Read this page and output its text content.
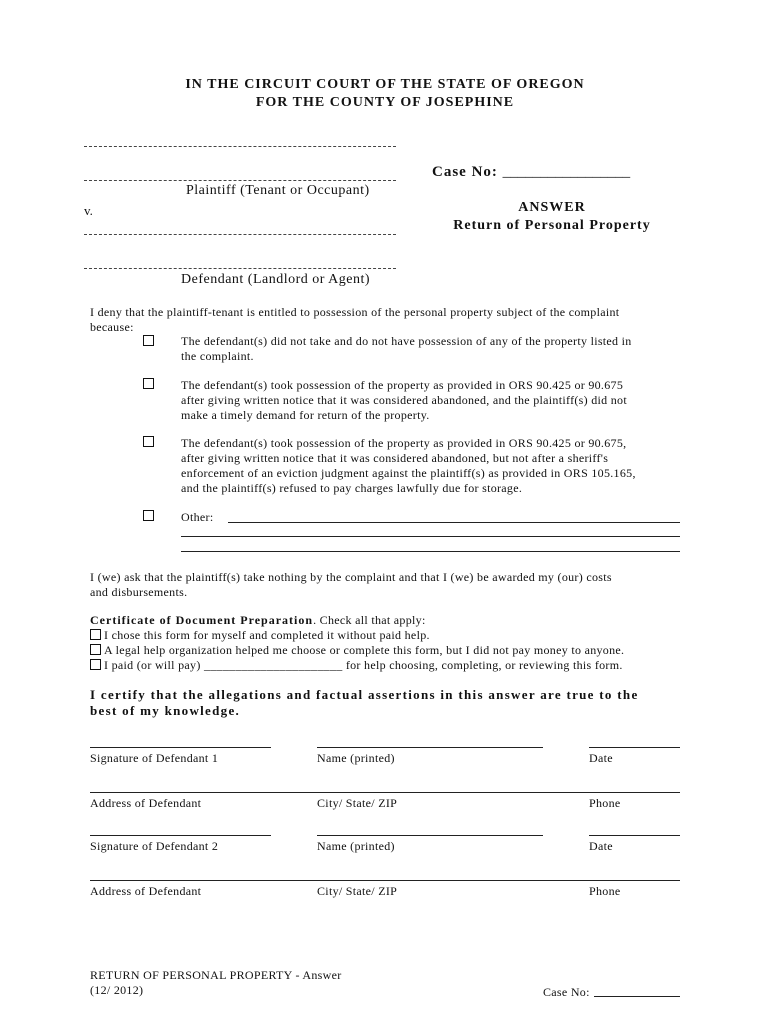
IN THE CIRCUIT COURT OF THE STATE OF OREGON
FOR THE COUNTY OF JOSEPHINE
Plaintiff (Tenant or Occupant)
v.
Defendant (Landlord or Agent)
Case No: _________________
ANSWER
Return of Personal Property
I deny that the plaintiff-tenant is entitled to possession of the personal property subject of the complaint
because:
The defendant(s) did not take and do not have possession of any of the property listed in
the complaint.
The defendant(s) took possession of the property as provided in ORS 90.425 or 90.675
after giving written notice that it was considered abandoned, and the plaintiff(s) did not
make a timely demand for return of the property.
The defendant(s) took possession of the property as provided in ORS 90.425 or 90.675,
after giving written notice that it was considered abandoned, but not after a sheriff's
enforcement of an eviction judgment against the plaintiff(s) as provided in ORS 105.165,
and the plaintiff(s) refused to pay charges lawfully due for storage.
Other:
I (we) ask that the plaintiff(s) take nothing by the complaint and that I (we) be awarded my (our) costs
and disbursements.
Certificate of Document Preparation. Check all that apply:
I chose this form for myself and completed it without paid help.
A legal help organization helped me choose or complete this form, but I did not pay money to anyone.
I paid (or will pay) ______________________ for help choosing, completing, or reviewing this form.
I certify that the allegations and factual assertions in this answer are true to the
best of my knowledge.
Signature of Defendant 1	Name (printed)	Date
Address of Defendant	City/ State/ ZIP	Phone
Signature of Defendant 2	Name (printed)	Date
Address of Defendant	City/ State/ ZIP	Phone
RETURN OF PERSONAL PROPERTY - Answer
(12/ 2012)	Case No:
